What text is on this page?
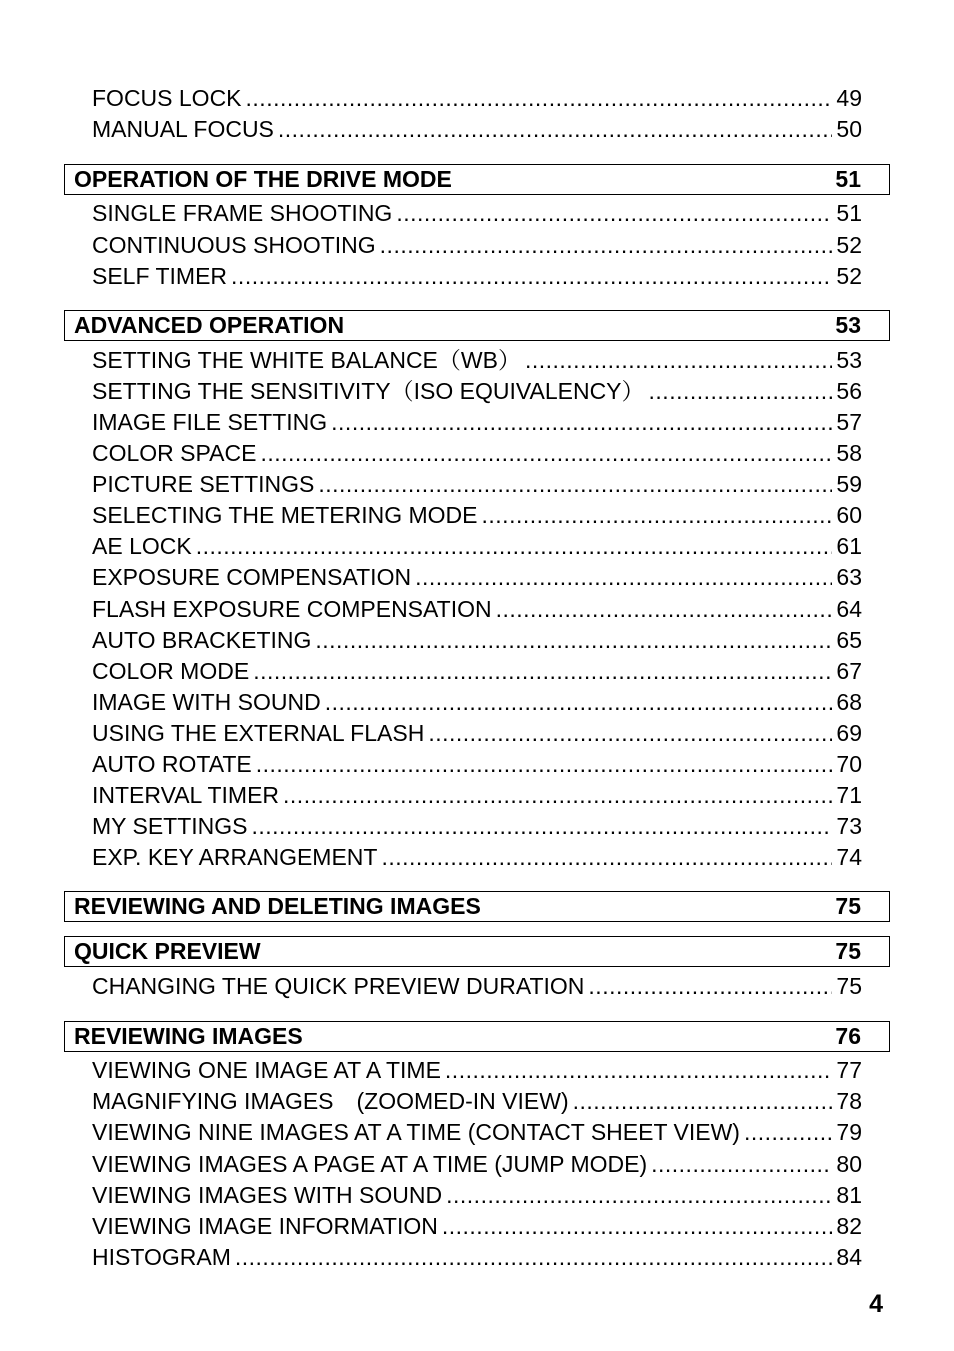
FOCUS LOCK .....	49
MANUAL FOCUS .....	50
OPERATION OF THE DRIVE MODE	51
SINGLE FRAME SHOOTING .....	51
CONTINUOUS SHOOTING .....	52
SELF TIMER .....	52
ADVANCED OPERATION	53
SETTING THE WHITE BALANCE（WB） .....	53
SETTING THE SENSITIVITY（ISO EQUIVALENCY） .....	56
IMAGE FILE SETTING .....	57
COLOR SPACE .....	58
PICTURE SETTINGS .....	59
SELECTING THE METERING MODE .....	60
AE LOCK .....	61
EXPOSURE COMPENSATION .....	63
FLASH EXPOSURE COMPENSATION .....	64
AUTO BRACKETING .....	65
COLOR MODE .....	67
IMAGE WITH SOUND .....	68
USING THE EXTERNAL FLASH .....	69
AUTO ROTATE .....	70
INTERVAL TIMER .....	71
MY SETTINGS .....	73
EXP. KEY ARRANGEMENT .....	74
REVIEWING AND DELETING IMAGES	75
QUICK PREVIEW	75
CHANGING THE QUICK PREVIEW DURATION .....	75
REVIEWING IMAGES	76
VIEWING ONE IMAGE AT A TIME .....	77
MAGNIFYING IMAGES　(ZOOMED-IN VIEW) .....	78
VIEWING NINE IMAGES AT A TIME (CONTACT SHEET VIEW) .....	79
VIEWING IMAGES A PAGE AT A TIME (JUMP MODE) .....	80
VIEWING IMAGES WITH SOUND .....	81
VIEWING IMAGE INFORMATION .....	82
HISTOGRAM .....	84
4
